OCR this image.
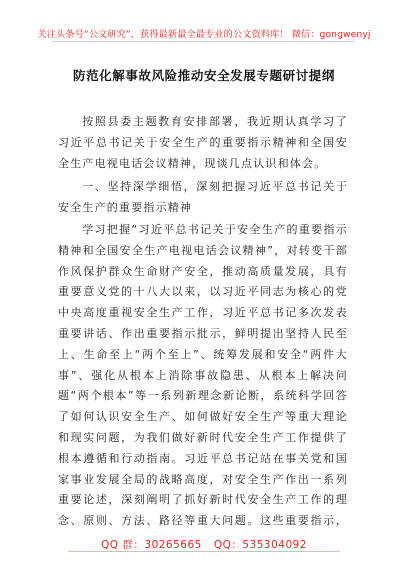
关注头条号“公文研究”，获得最新最全最专业的公文资料库！ 微信：gongwenyj
防范化解事故风险推动安全发展专题研讨提纲

按照县委主题教育安排部署，我近期认真学习了习近平总书记关于安全生产的重要指示精神和全国安全生产电视电话会议精神，现谈几点认识和体会。

一、坚持深学细悟，深刻把握习近平总书记关于安全生产的重要指示精神

学习把握“习近平总书记关于安全生产的重要指示精神和全国安全生产电视电话会议精神”，对转变干部作风保护群众生命财产安全，推动高质量发展，具有重要意义党的十八大以来，以习近平同志为核心的党中央高度重视安全生产工作，习近平总书记多次发表重要讲话、作出重要指示批示，鲜明提出坚持人民至上、生命至上“两个至上”、统筹发展和安全“两件大事”、强化从根本上消除事故隐患、从根本上解决问题“两个根本”等一系列新理念新论断，系统科学回答了如何认识安全生产、如何做好安全生产等重大理论和现实问题，为我们做好新时代安全生产工作提供了根本遵循和行动指南。习近平总书记站在事关党和国家事业发展全局的战略高度，对安全生产作出一系列重要论述，深刻阐明了抓好新时代安全生产工作的理念、原则、方法、路径等重大问题。这些重要指示，

QQ 群：30265665 QQ：535304092
